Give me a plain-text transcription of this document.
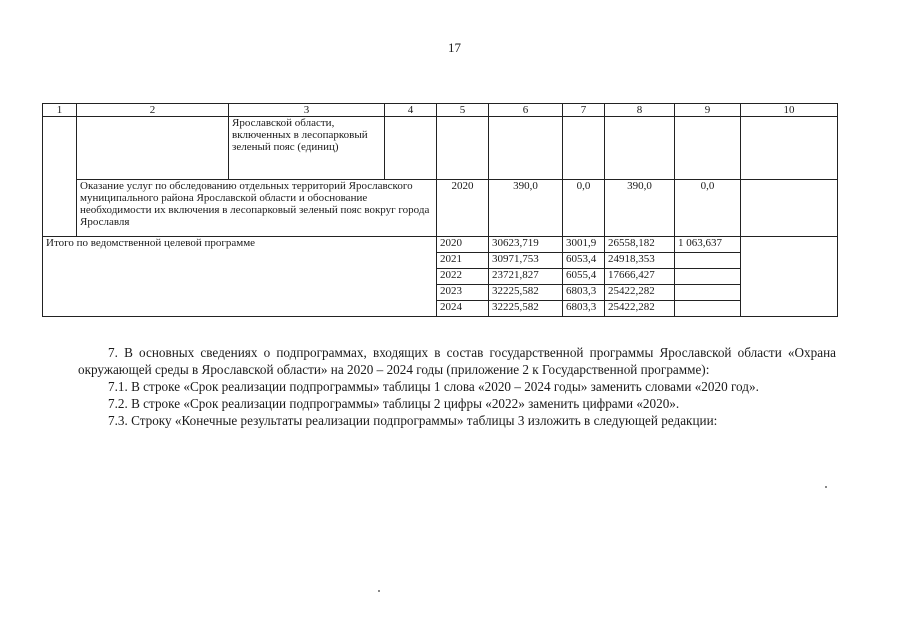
17
1	2	3	4	5	6	7	8	9	10
		Ярославской области, включенных в лесопарковый зеленый пояс (единиц)							
	Оказание услуг по обследованию отдельных территорий Ярославского муниципального района Ярославской области и обоснование необходимости их включения в лесопарковый зеленый пояс вокруг города Ярославля			2020	390,0	0,0	390,0	0,0	
Итого по ведомственной целевой программе				2020	30623,719	3001,9	26558,182	1 063,637	
				2021	30971,753	6053,4	24918,353		
				2022	23721,827	6055,4	17666,427		
				2023	32225,582	6803,3	25422,282		
				2024	32225,582	6803,3	25422,282		

7. В основных сведениях о подпрограммах, входящих в состав государственной программы Ярославской области «Охрана окружающей среды в Ярославской области» на 2020 – 2024 годы (приложение 2 к Государственной программе):

7.1. В строке «Срок реализации подпрограммы» таблицы 1 слова «2020 – 2024 годы» заменить словами «2020 год».

7.2. В строке «Срок реализации подпрограммы» таблицы 2 цифры «2022» заменить цифрами «2020».

7.3. Строку «Конечные результаты реализации подпрограммы» таблицы 3 изложить в следующей редакции:
